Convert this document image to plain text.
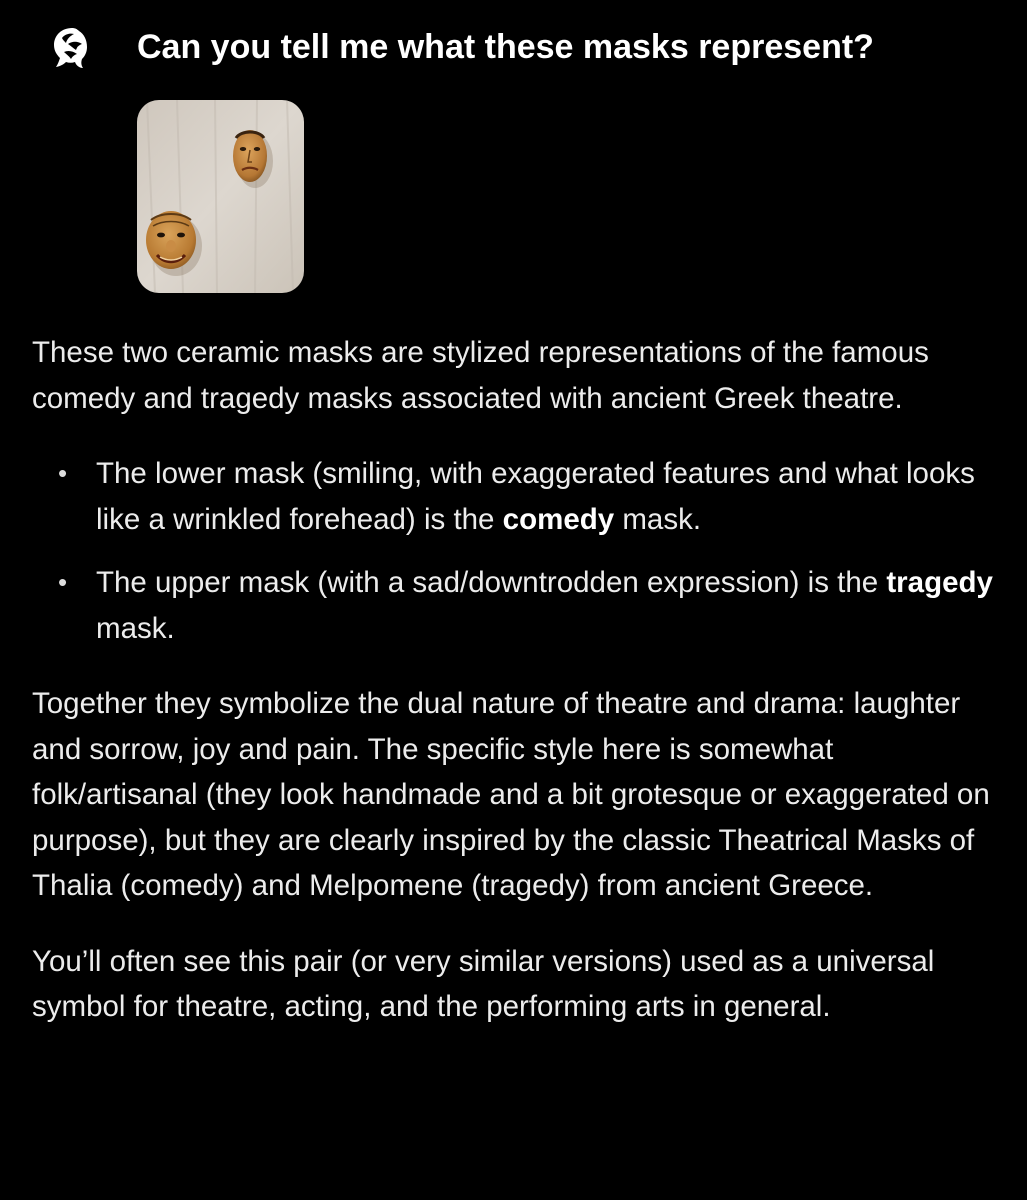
Can you tell me what these masks represent?

These two ceramic masks are stylized representations of the famous comedy and tragedy masks associated with ancient Greek theatre.

• The lower mask (smiling, with exaggerated features and what looks like a wrinkled forehead) is the comedy mask.
• The upper mask (with a sad/downtrodden expression) is the tragedy mask.

Together they symbolize the dual nature of theatre and drama: laughter and sorrow, joy and pain. The specific style here is somewhat folk/artisanal (they look handmade and a bit grotesque or exaggerated on purpose), but they are clearly inspired by the classic Theatrical Masks of Thalia (comedy) and Melpomene (tragedy) from ancient Greece.

You’ll often see this pair (or very similar versions) used as a universal symbol for theatre, acting, and the performing arts in general.
